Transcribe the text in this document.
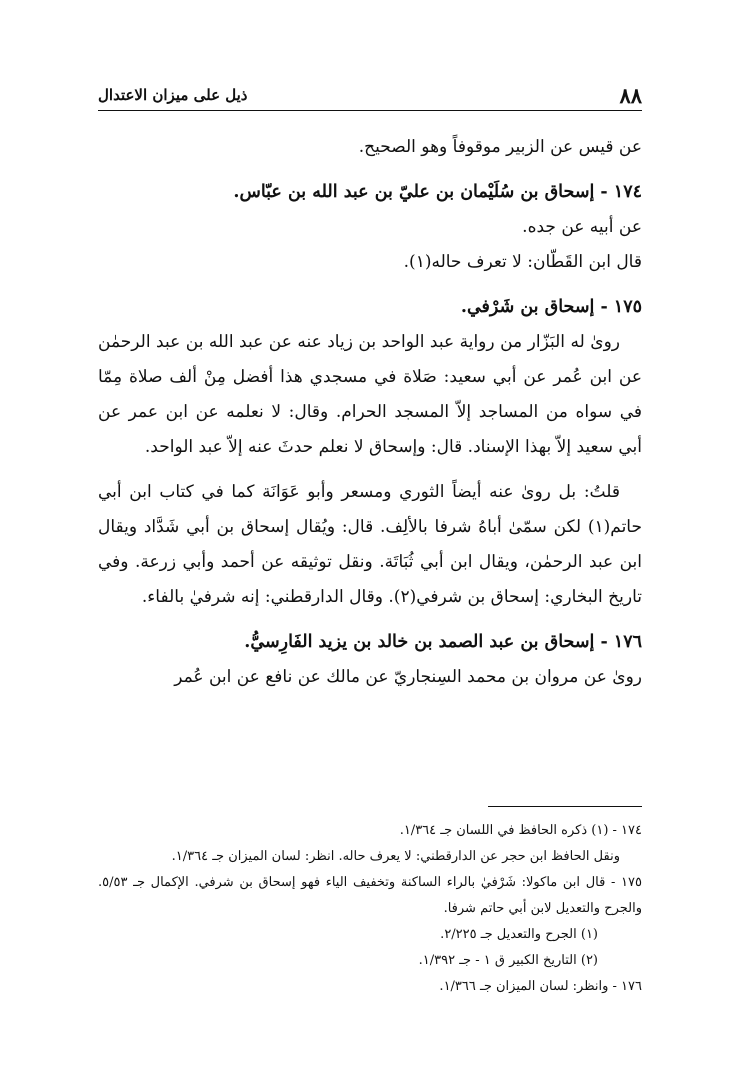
٨٨
ذيل على ميزان الاعتدال

عن قيس عن الزبير موقوفاً وهو الصحيح.

١٧٤ - إسحاق بن سُلَيْمان بن عليّ بن عبد الله بن عبّاس.

عن أبيه عن جده.

قال ابن القَطّان: لا تعرف حاله(١).

١٧٥ - إسحاق بن شَرْفي.

روىٰ له البَزّار من رواية عبد الواحد بن زياد عنه عن عبد الله بن عبد الرحمٰن عن ابن عُمر عن أبي سعيد: صَلاة في مسجدي هذا أفضل مِنْ ألف صلاة مِمّا في سواه من المساجد إلاّ المسجد الحرام. وقال: لا نعلمه عن ابن عمر عن أبي سعيد إلاّ بهذا الإسناد. قال: وإسحاق لا نعلم حدثَ عنه إلاّ عبد الواحد.

قلتُ: بل روىٰ عنه أيضاً الثوري ومسعر وأبو عَوَانَة كما في كتاب ابن أبي حاتم(١) لكن سمّىٰ أباهُ شرفا بالألِف. قال: ويُقال إسحاق بن أبي شَدَّاد ويقال ابن عبد الرحمٰن، ويقال ابن أبي ثُبَاتَة. ونقل توثيقه عن أحمد وأبي زرعة. وفي تاريخ البخاري: إسحاق بن شرفي(٢). وقال الدارقطني: إنه شرفيٰ بالفاء.

١٧٦ - إسحاق بن عبد الصمد بن خالد بن يزيد الفَارِسيُّ.

روىٰ عن مروان بن محمد السِنجاريّ عن مالك عن نافع عن ابن عُمر

١٧٤ - (١) ذكره الحافظ في اللسان جـ ١/٣٦٤.

ونقل الحافظ ابن حجر عن الدارقطني: لا يعرف حاله. انظر: لسان الميزان جـ ١/٣٦٤.

١٧٥ - قال ابن ماكولا: شَرْفيٰ بالراء الساكنة وتخفيف الياء فهو إسحاق بن شرفي. الإكمال جـ ٥/٥٣. والجرح والتعديل لابن أبي حاتم شرفا.

(١) الجرح والتعديل جـ ٢/٢٢٥.

(٢) التاريخ الكبير ق ١ - جـ ١/٣٩٢.

١٧٦ - وانظر: لسان الميزان جـ ١/٣٦٦.
